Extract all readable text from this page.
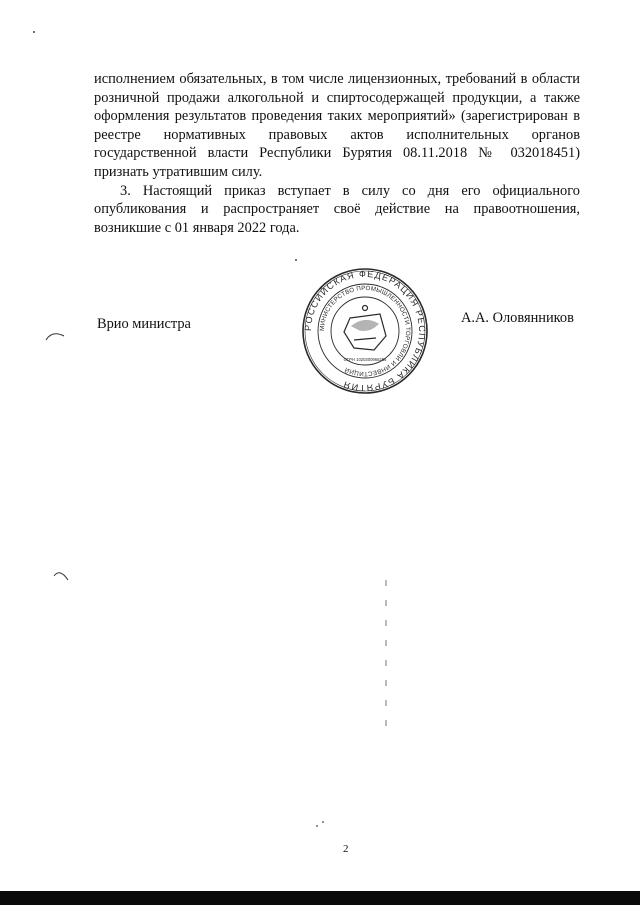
исполнением обязательных, в том числе лицензионных, требований в области розничной продажи алкогольной и спиртосодержащей продукции, а также оформления результатов проведения таких мероприятий» (зарегистрирован в реестре нормативных правовых актов исполнительных органов государственной власти Республики Бурятия 08.11.2018 № 032018451) признать утратившим силу.

3. Настоящий приказ вступает в силу со дня его официального опубликования и распространяет своё действие на правоотношения, возникшие с 01 января 2022 года.

Врио министра	РОССИЙСКАЯ ФЕДЕРАЦИЯ РЕСПУБЛИКА БУРЯТИЯ
МИНИСТЕРСТВО ПРОМЫШЛЕННОСТИ ТОРГОВЛИ И ИНВЕСТИЦИЙ
ОГРН 1020300966256
А.А. Оловянников
2
